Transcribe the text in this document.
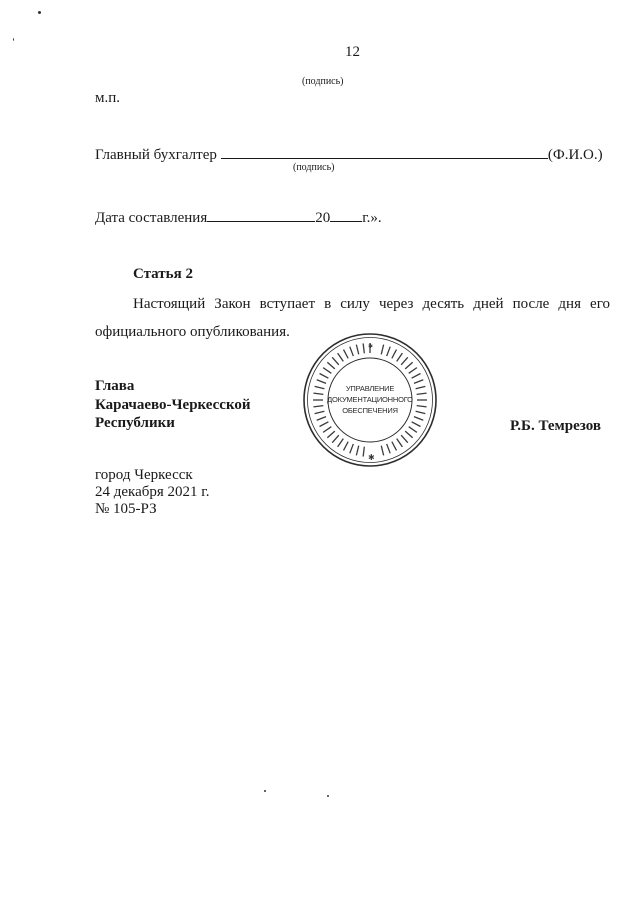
12
(подпись)
м.п.
Главный бухгалтер	(Ф.И.О.)
(подпись)
Дата составления	20 г.».
Статья 2
Настоящий Закон вступает в силу через десять дней после дня его
официального опубликования.
Глава
Карачаево-Черкесской
Республики	Р.Б. Темрезов
✱
✱
УПРАВЛЕНИЕ
ДОКУМЕНТАЦИОННОГО
ОБЕСПЕЧЕНИЯ
город Черкесск
24 декабря 2021 г.
№ 105-РЗ
